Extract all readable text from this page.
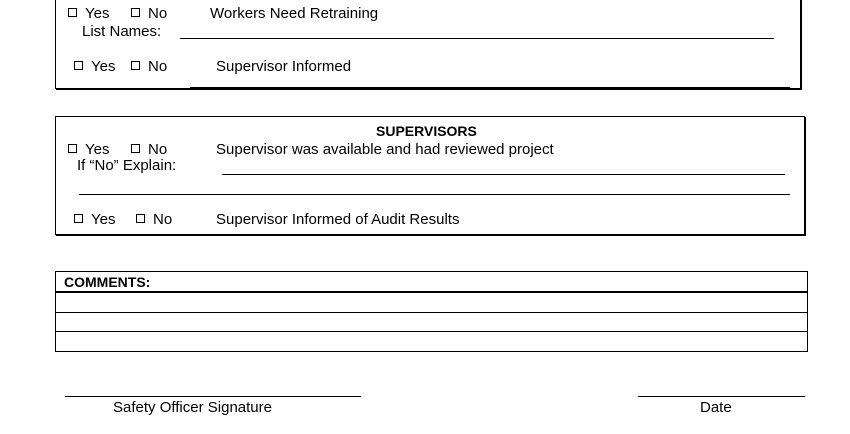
Yes	No	Workers Need Retraining
List Names:
Yes	No	Supervisor Informed
SUPERVISORS
Yes	No	Supervisor was available and had reviewed project
If “No” Explain:
Yes	No	Supervisor Informed of Audit Results
COMMENTS:
Safety Officer Signature	Date
